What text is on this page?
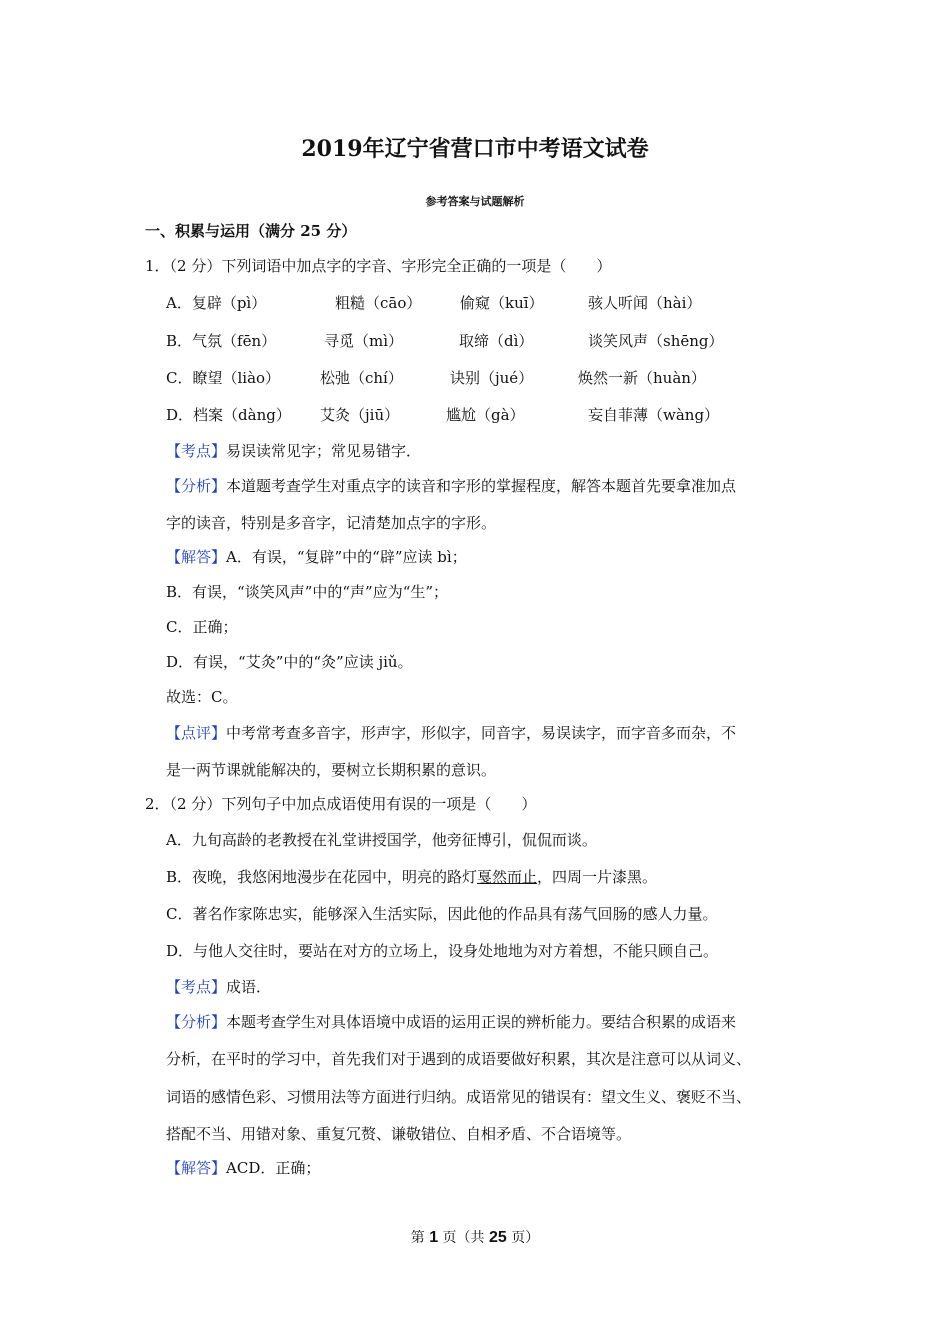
2019年辽宁省营口市中考语文试卷
参考答案与试题解析
一、积累与运用（满分 25 分）
1．（2 分）下列词语中加点字的字音、字形完全正确的一项是（　　）
A．复辟（pì）	粗糙（cāo）	偷窥（kuī）	骇人听闻（hài）
B．气氛（fēn）	寻觅（mì）	取缔（dì）	谈笑风声（shēng）
C．瞭望（liào）	松弛（chí）	诀别（jué）	焕然一新（huàn）
D．档案（dàng） 艾灸（jiū）	尴尬（gà）	妄自菲薄（wàng）
【考点】易误读常见字；常见易错字．
【分析】本道题考查学生对重点字的读音和字形的掌握程度，解答本题首先要拿准加点
字的读音，特别是多音字，记清楚加点字的字形。
【解答】A．有误，“复辟”中的“辟”应读 bì；
B．有误，“谈笑风声”中的“声”应为“生”；
C．正确；
D．有误，“艾灸”中的“灸”应读 jiǔ。
故选：C。
【点评】中考常考查多音字，形声字，形似字，同音字，易误读字，而字音多而杂，不
是一两节课就能解决的，要树立长期积累的意识。
2．（2 分）下列句子中加点成语使用有误的一项是（　　）
A．九旬高龄的老教授在礼堂讲授国学，他旁征博引，侃侃而谈。
B．夜晚，我悠闲地漫步在花园中，明亮的路灯戛然而止，四周一片漆黑。
C．著名作家陈忠实，能够深入生活实际，因此他的作品具有荡气回肠的感人力量。
D．与他人交往时，要站在对方的立场上，设身处地地为对方着想，不能只顾自己。
【考点】成语．
【分析】本题考查学生对具体语境中成语的运用正误的辨析能力。要结合积累的成语来
分析，在平时的学习中，首先我们对于遇到的成语要做好积累，其次是注意可以从词义、
词语的感情色彩、习惯用法等方面进行归纳。成语常见的错误有：望文生义、褒贬不当、
搭配不当、用错对象、重复冗赘、谦敬错位、自相矛盾、不合语境等。
【解答】ACD．正确；
第 1 页（共 25 页）
